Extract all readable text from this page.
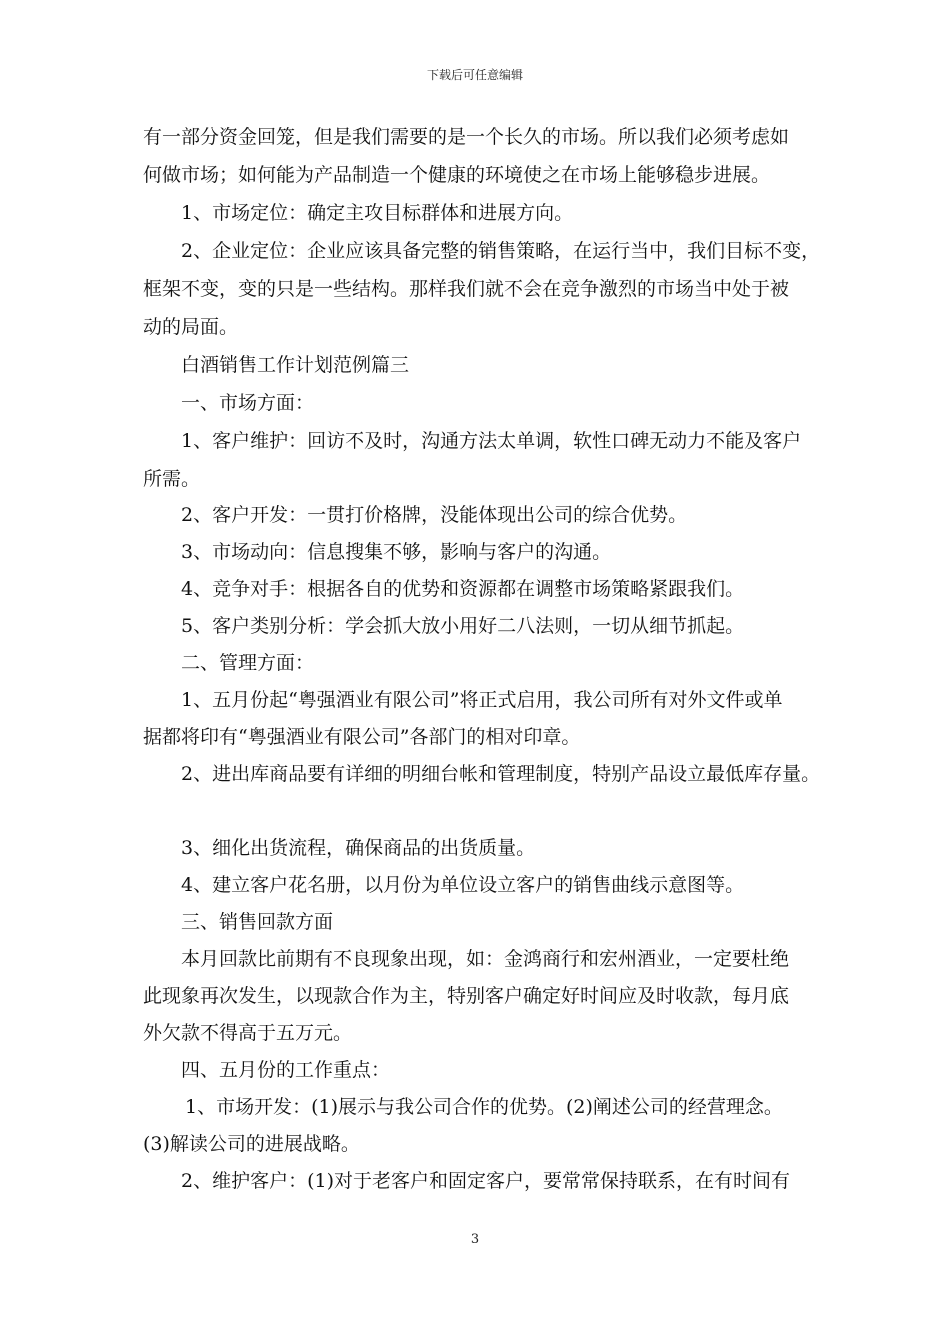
下载后可任意编辑
有一部分资金回笼，但是我们需要的是一个长久的市场。所以我们必须考虑如
何做市场；如何能为产品制造一个健康的环境使之在市场上能够稳步进展。
1、市场定位：确定主攻目标群体和进展方向。
2、企业定位：企业应该具备完整的销售策略，在运行当中，我们目标不变，
框架不变，变的只是一些结构。那样我们就不会在竞争激烈的市场当中处于被
动的局面。
白酒销售工作计划范例篇三
一、市场方面：
1、客户维护：回访不及时，沟通方法太单调，软性口碑无动力不能及客户
所需。
2、客户开发：一贯打价格牌，没能体现出公司的综合优势。
3、市场动向：信息搜集不够，影响与客户的沟通。
4、竞争对手：根据各自的优势和资源都在调整市场策略紧跟我们。
5、客户类别分析：学会抓大放小用好二八法则，一切从细节抓起。
二、管理方面：
1、五月份起“粤强酒业有限公司”将正式启用，我公司所有对外文件或单
据都将印有“粤强酒业有限公司”各部门的相对印章。
2、进出库商品要有详细的明细台帐和管理制度，特别产品设立最低库存量。
3、细化出货流程，确保商品的出货质量。
4、建立客户花名册，以月份为单位设立客户的销售曲线示意图等。
三、销售回款方面
本月回款比前期有不良现象出现，如：金鸿商行和宏州酒业，一定要杜绝
此现象再次发生，以现款合作为主，特别客户确定好时间应及时收款，每月底
外欠款不得高于五万元。
四、五月份的工作重点：
1、市场开发：(1)展示与我公司合作的优势。(2)阐述公司的经营理念。
(3)解读公司的进展战略。
2、维护客户：(1)对于老客户和固定客户，要常常保持联系，在有时间有
3
